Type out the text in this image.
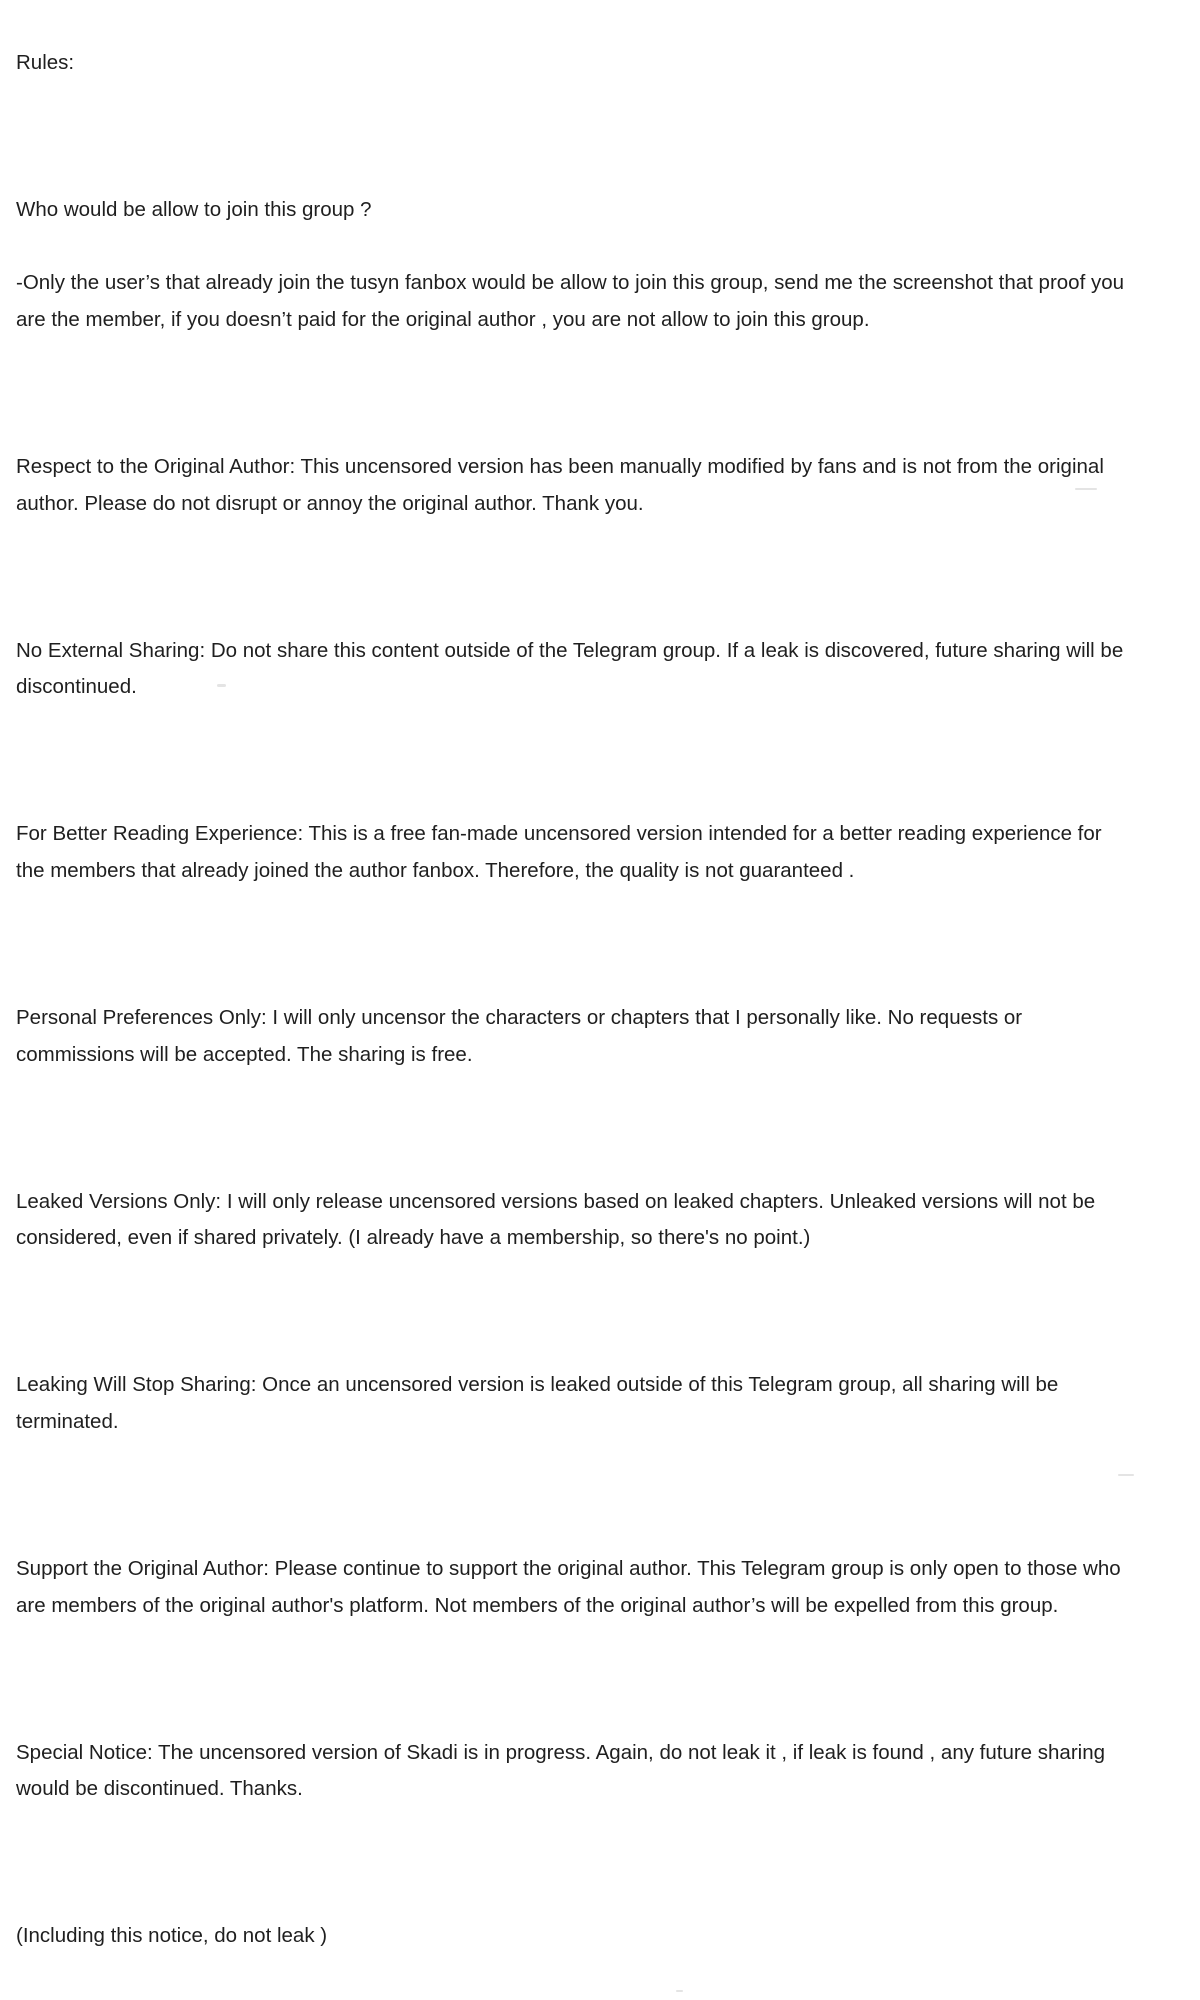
Rules:

Who would be allow to join this group ?

-Only the user’s that already join the tusyn fanbox would be allow to join this group, send me the screenshot that proof you

are the member, if you doesn’t paid for the original author , you are not allow to join this group.

Respect to the Original Author: This uncensored version has been manually modified by fans and is not from the original

author. Please do not disrupt or annoy the original author. Thank you.

No External Sharing: Do not share this content outside of the Telegram group. If a leak is discovered, future sharing will be

discontinued.

For Better Reading Experience: This is a free fan-made uncensored version intended for a better reading experience for

the members that already joined the author fanbox. Therefore, the quality is not guaranteed .

Personal Preferences Only: I will only uncensor the characters or chapters that I personally like. No requests or

commissions will be accepted. The sharing is free.

Leaked Versions Only: I will only release uncensored versions based on leaked chapters. Unleaked versions will not be

considered, even if shared privately. (I already have a membership, so there's no point.)

Leaking Will Stop Sharing: Once an uncensored version is leaked outside of this Telegram group, all sharing will be

terminated.

Support the Original Author: Please continue to support the original author. This Telegram group is only open to those who

are members of the original author's platform. Not members of the original author’s will be expelled from this group.

Special Notice: The uncensored version of Skadi is in progress. Again, do not leak it , if leak is found , any future sharing

would be discontinued. Thanks.

(Including this notice, do not leak )
